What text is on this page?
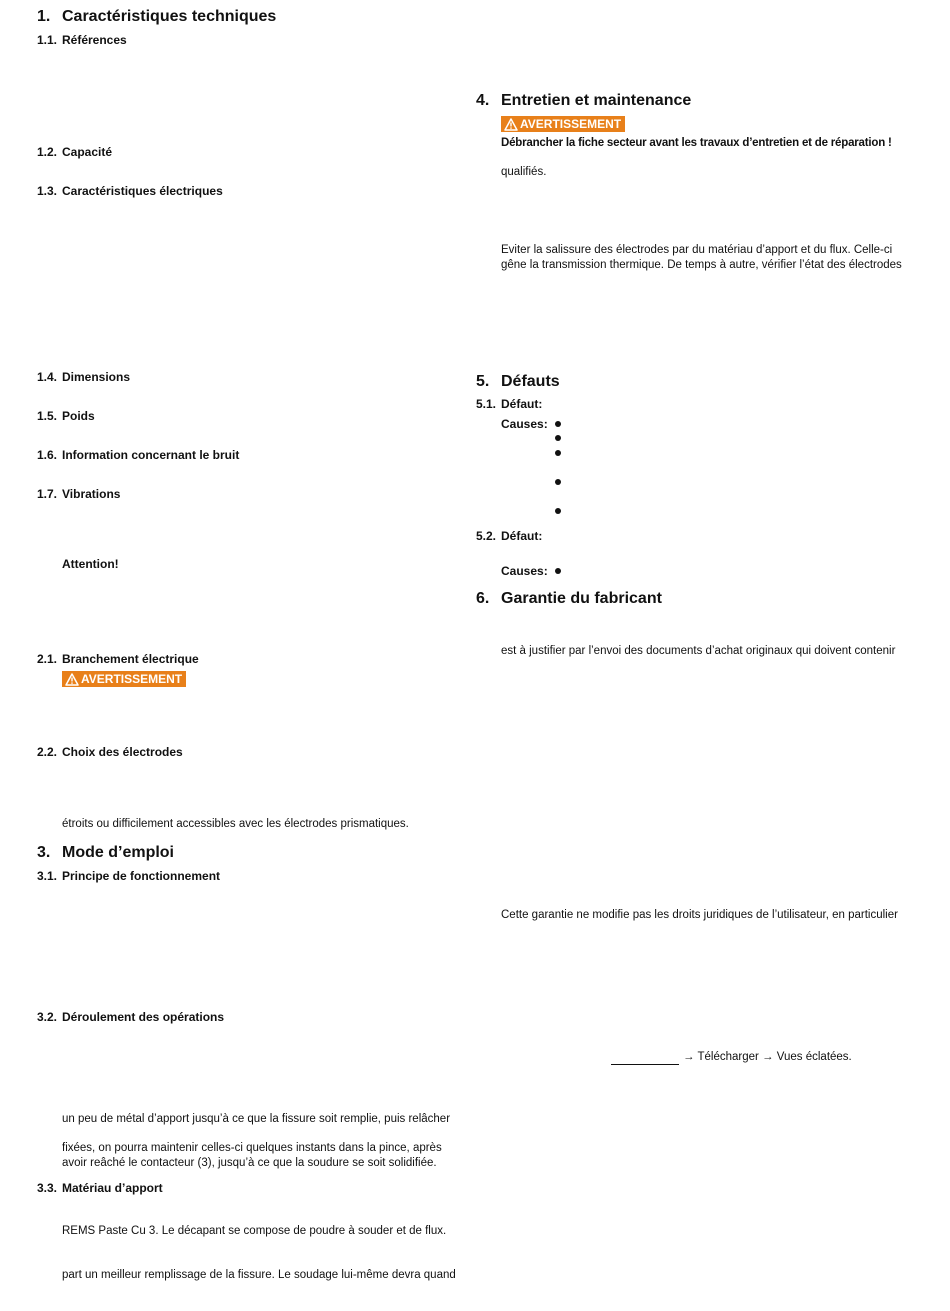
1. Caractéristiques techniques
1.1. Références
1.2. Capacité
1.3. Caractéristiques électriques
1.4. Dimensions
1.5. Poids
1.6. Information concernant le bruit
1.7. Vibrations
Attention!
2.1. Branchement électrique
AVERTISSEMENT
2.2. Choix des électrodes
étroits ou difficilement accessibles avec les électrodes prismatiques.
3. Mode d’emploi
3.1. Principe de fonctionnement
3.2. Déroulement des opérations
un peu de métal d’apport jusqu’à ce que la fissure soit remplie, puis relâcher
fixées, on pourra maintenir celles-ci quelques instants dans la pince, après
avoir reâché le contacteur (3), jusqu’à ce que la soudure se soit solidifiée.
3.3. Matériau d’apport
REMS Paste Cu 3. Le décapant se compose de poudre à souder et de flux.
part un meilleur remplissage de la fissure. Le soudage lui-même devra quand
4. Entretien et maintenance
AVERTISSEMENT
Débrancher la fiche secteur avant les travaux d’entretien et de réparation !
qualifiés.
Eviter la salissure des électrodes par du matériau d’apport et du flux. Celle-ci
gêne la transmission thermique. De temps à autre, vérifier l’état des électrodes
5. Défauts
5.1. Défaut:
Causes:
5.2. Défaut:
Causes:
6. Garantie du fabricant
est à justifier par l’envoi des documents d’achat originaux qui doivent contenir
Cette garantie ne modifie pas les droits juridiques de l’utilisateur, en particulier
→ Télécharger → Vues éclatées.
